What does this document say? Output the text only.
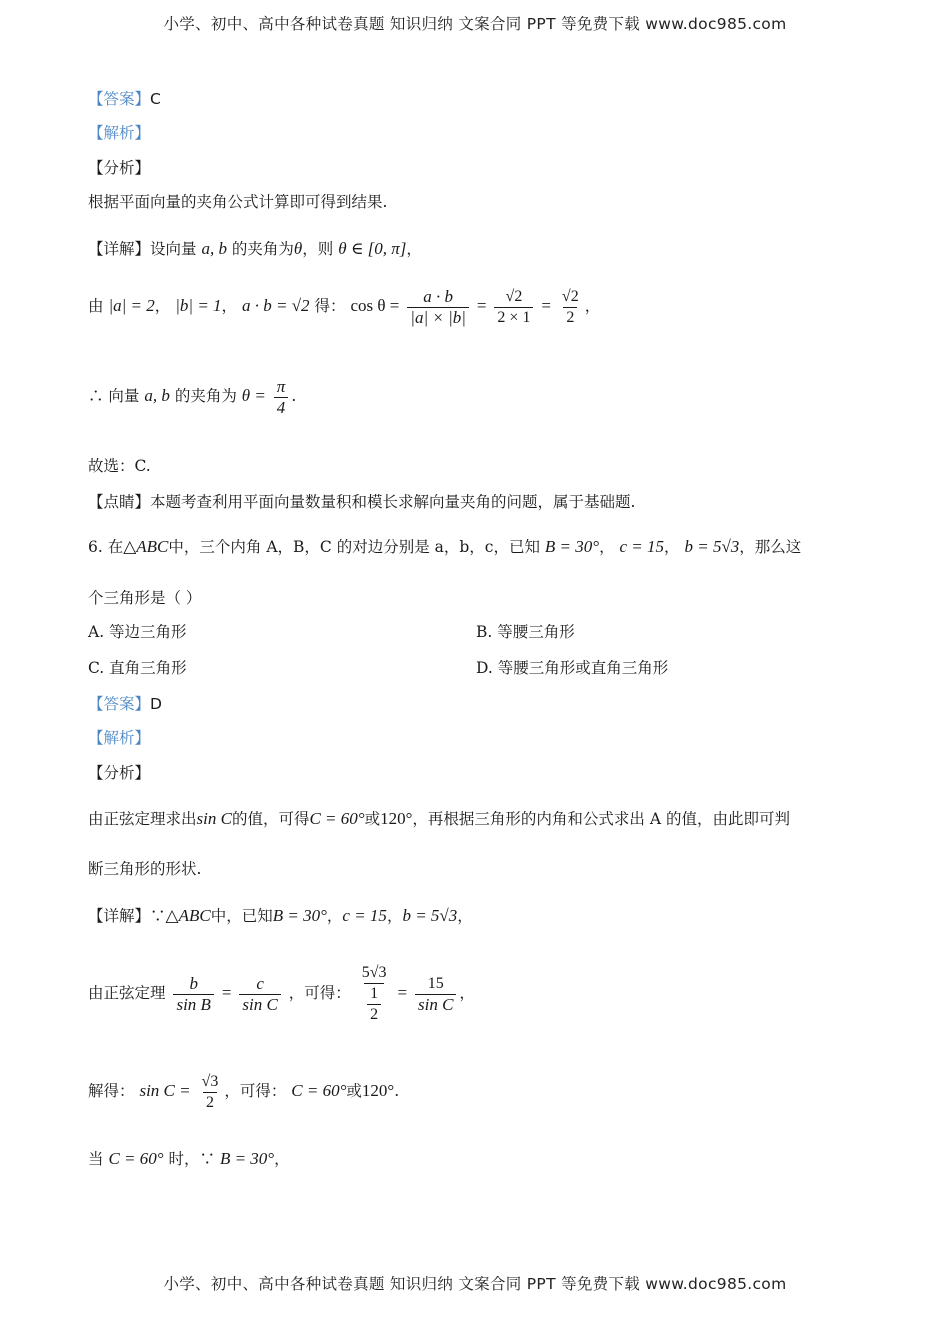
小学、初中、高中各种试卷真题 知识归纳 文案合同 PPT 等免费下载 www.doc985.com
【答案】C
【解析】
【分析】
根据平面向量的夹角公式计算即可得到结果.
【详解】设向量 a, b 的夹角为θ，则 θ ∈ [0, π]，
由 |a| = 2， |b| = 1， a · b = √2 得： $\cos \theta = \frac{a \cdot b}{|a| \times |b|} = \frac{√2}{2 \times 1} = \frac{√2}{2}$ ，
∴ 向量 a, b 的夹角为 $\theta = \frac{\pi}{4}$ .
故选：C.
【点睛】本题考查利用平面向量数量积和模长求解向量夹角的问题，属于基础题.
6. 在△ABC中，三个内角 A，B，C 的对边分别是 a，b，c，已知 B = 30°， c = 15， b = 5√3，那么这
个三角形是（ ）
A. 等边三角形	B. 等腰三角形
C. 直角三角形	D. 等腰三角形或直角三角形
【答案】D
【解析】
【分析】
由正弦定理求出sin C的值，可得C = 60°或120°，再根据三角形的内角和公式求出 A 的值，由此即可判
断三角形的形状.
【详解】∵△ABC中，已知B = 30°，c = 15，b = 5√3，
由正弦定理 $\frac{b}{\text{sin B}} = \frac{c}{\text{sin C}}$ ，可得： $\frac{5√3}{\frac{1}{2}} = \frac{15}{\text{sin C}}$ ，
解得： $\sin C = \frac{√3}{2}$ ，可得： C = 60°或120°.
当 C = 60° 时，∵ B = 30°，
小学、初中、高中各种试卷真题 知识归纳 文案合同 PPT 等免费下载 www.doc985.com
